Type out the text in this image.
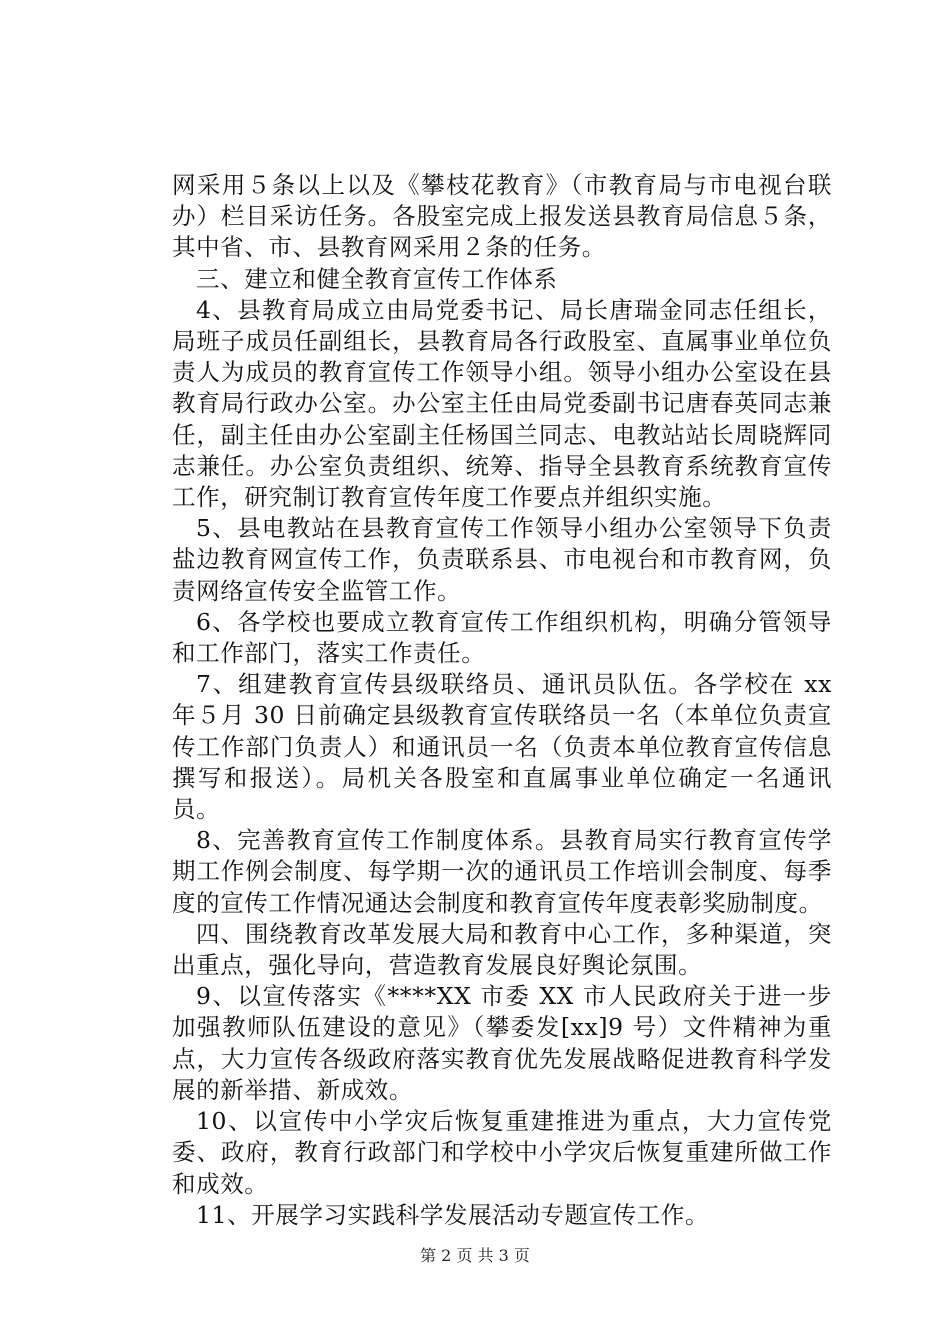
网采用５条以上以及《攀枝花教育》（市教育局与市电视台联办）栏目采访任务。各股室完成上报发送县教育局信息５条，其中省、市、县教育网采用２条的任务。

三、建立和健全教育宣传工作体系

4、县教育局成立由局党委书记、局长唐瑞金同志任组长，局班子成员任副组长，县教育局各行政股室、直属事业单位负责人为成员的教育宣传工作领导小组。领导小组办公室设在县教育局行政办公室。办公室主任由局党委副书记唐春英同志兼任，副主任由办公室副主任杨国兰同志、电教站站长周晓辉同志兼任。办公室负责组织、统筹、指导全县教育系统教育宣传工作，研究制订教育宣传年度工作要点并组织实施。

5、县电教站在县教育宣传工作领导小组办公室领导下负责盐边教育网宣传工作，负责联系县、市电视台和市教育网，负责网络宣传安全监管工作。

6、各学校也要成立教育宣传工作组织机构，明确分管领导和工作部门，落实工作责任。

7、组建教育宣传县级联络员、通讯员队伍。各学校在 xx 年５月 30 日前确定县级教育宣传联络员一名（本单位负责宣传工作部门负责人）和通讯员一名（负责本单位教育宣传信息撰写和报送）。局机关各股室和直属事业单位确定一名通讯员。

8、完善教育宣传工作制度体系。县教育局实行教育宣传学期工作例会制度、每学期一次的通讯员工作培训会制度、每季度的宣传工作情况通达会制度和教育宣传年度表彰奖励制度。

四、围绕教育改革发展大局和教育中心工作，多种渠道，突出重点，强化导向，营造教育发展良好舆论氛围。

9、以宣传落实《****XX 市委 XX 市人民政府关于进一步加强教师队伍建设的意见》（攀委发[xx]9 号）文件精神为重点，大力宣传各级政府落实教育优先发展战略促进教育科学发展的新举措、新成效。

10、以宣传中小学灾后恢复重建推进为重点，大力宣传党委、政府，教育行政部门和学校中小学灾后恢复重建所做工作和成效。

11、开展学习实践科学发展活动专题宣传工作。

第 2 页 共 3 页
